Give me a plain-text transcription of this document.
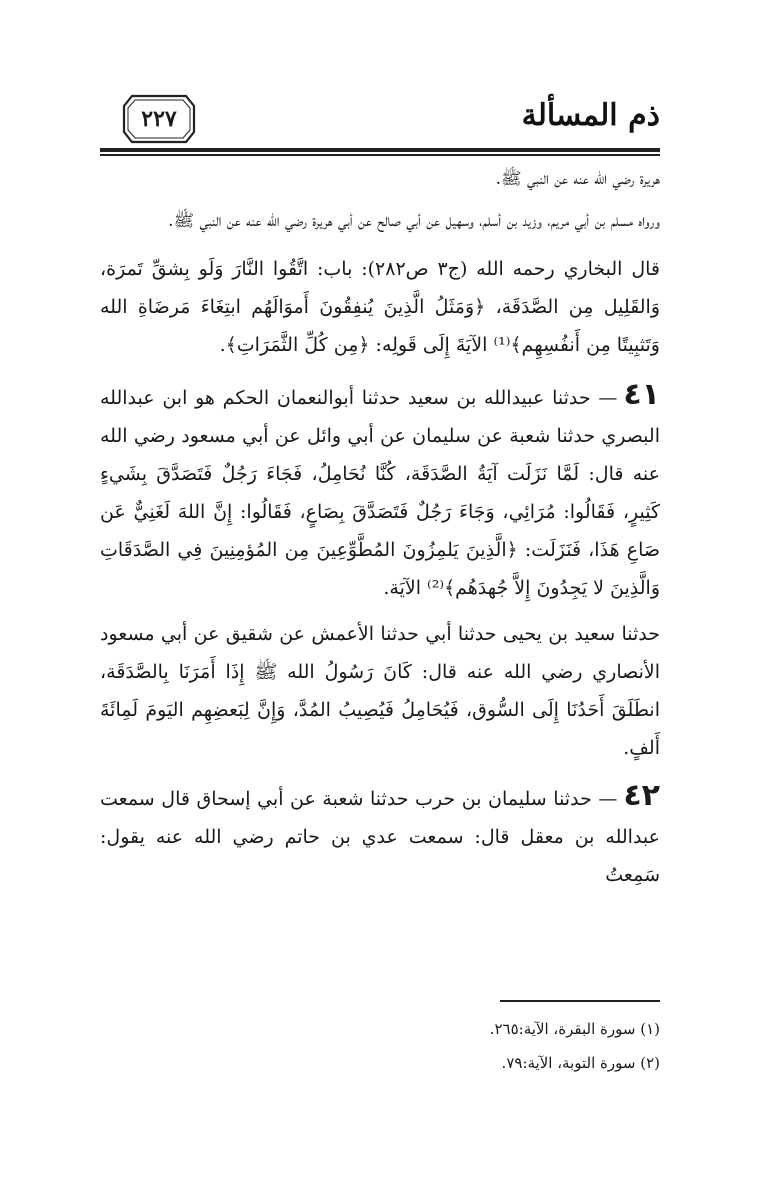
ذم المسألة
٢٢٧

هريرة رضي الله عنه عن النبي ﷺ.

ورواه مسلم بن أبي مريم، وزيد بن أسلم، وسهيل عن أبي صالح عن أبي هريرة رضي الله عنه عن النبي ﷺ.

قال البخاري رحمه الله (ج٣ ص٢٨٢): باب: اتَّقُوا النَّارَ وَلَو بِشقِّ تَمرَة، وَالقَلِيل مِن الصَّدَقَة، ﴿وَمَثَلُ الَّذِينَ يُنفِقُونَ أَموَالَهُم ابتِغَاءَ مَرضَاةِ الله وَتَثبِيتًا مِن أَنفُسِهِم﴾⁽¹⁾ الآيَةَ إِلَى قَولِه: ﴿مِن كُلِّ الثَّمَرَاتِ﴾.

٤١— حدثنا عبيدالله بن سعيد حدثنا أبوالنعمان الحكم هو ابن عبدالله البصري حدثنا شعبة عن سليمان عن أبي وائل عن أبي مسعود رضي الله عنه قال: لَمَّا نَزَلَت آيَةُ الصَّدَقَة، كُنَّا نُحَامِلُ، فَجَاءَ رَجُلٌ فَتَصَدَّقَ بِشَيءٍ كَثِيرٍ، فَقَالُوا: مُرَائِي، وَجَاءَ رَجُلٌ فَتَصَدَّقَ بِصَاعٍ، فَقَالُوا: إِنَّ اللهَ لَغَنِيٌّ عَن صَاعِ هَذَا، فَنَزَلَت: ﴿الَّذِينَ يَلمِزُونَ المُطَّوِّعِينَ مِن المُؤمِنِينَ فِي الصَّدَقَاتِ وَالَّذِينَ لا يَجِدُونَ إِلاَّ جُهدَهُم﴾⁽²⁾ الآيَة.

حدثنا سعيد بن يحيى حدثنا أبي حدثنا الأعمش عن شقيق عن أبي مسعود الأنصاري رضي الله عنه قال: كَانَ رَسُولُ الله ﷺ إِذَا أَمَرَنَا بِالصَّدَقَة، انطَلَقَ أَحَدُنَا إِلَى السُّوق، فَيُحَامِلُ فَيُصِيبُ المُدَّ، وَإِنَّ لِبَعضِهِم اليَومَ لَمِائَةَ أَلفٍ.

٤٢— حدثنا سليمان بن حرب حدثنا شعبة عن أبي إسحاق قال سمعت عبدالله بن معقل قال: سمعت عدي بن حاتم رضي الله عنه يقول: سَمِعتُ

(١) سورة البقرة، الآية:٢٦٥.

(٢) سورة التوبة، الآية:٧٩.
